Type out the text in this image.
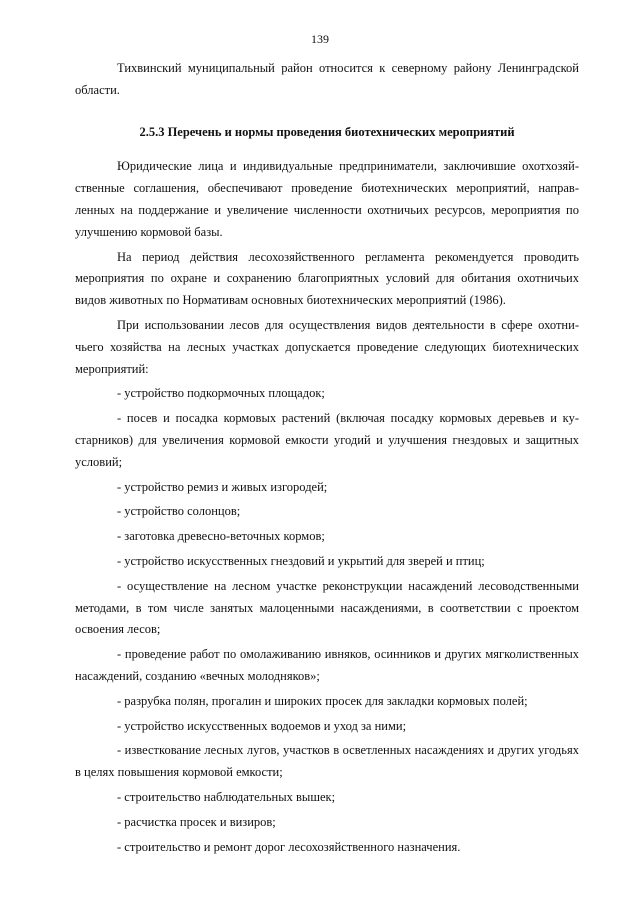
139

Тихвинский муниципальный район относится к северному району Ленинградской области.

2.5.3 Перечень и нормы проведения биотехнических мероприятий

Юридические лица и индивидуальные предприниматели, заключившие охотхозяйственные соглашения, обеспечивают проведение биотехнических мероприятий, направленных на поддержание и увеличение численности охотничьих ресурсов, мероприятия по улучшению кормовой базы.

На период действия лесохозяйственного регламента рекомендуется проводить мероприятия по охране и сохранению благоприятных условий для обитания охотничьих видов животных по Нормативам основных биотехнических мероприятий (1986).

При использовании лесов для осуществления видов деятельности в сфере охотничьего хозяйства на лесных участках допускается проведение следующих биотехнических мероприятий:

- устройство подкормочных площадок;

- посев и посадка кормовых растений (включая посадку кормовых деревьев и кустарников) для увеличения кормовой емкости угодий и улучшения гнездовых и защитных условий;

- устройство ремиз и живых изгородей;

- устройство солонцов;

- заготовка древесно-веточных кормов;

- устройство искусственных гнездовий и укрытий для зверей и птиц;

- осуществление на лесном участке реконструкции насаждений лесоводственными методами, в том числе занятых малоценными насаждениями, в соответствии с проектом освоения лесов;

- проведение работ по омолаживанию ивняков, осинников и других мягколиственных насаждений, созданию «вечных молодняков»;

- разрубка полян, прогалин и широких просек для закладки кормовых полей;

- устройство искусственных водоемов и уход за ними;

- известкование лесных лугов, участков в осветленных насаждениях и других угодьях в целях повышения кормовой емкости;

- строительство наблюдательных вышек;

- расчистка просек и визиров;

- строительство и ремонт дорог лесохозяйственного назначения.
